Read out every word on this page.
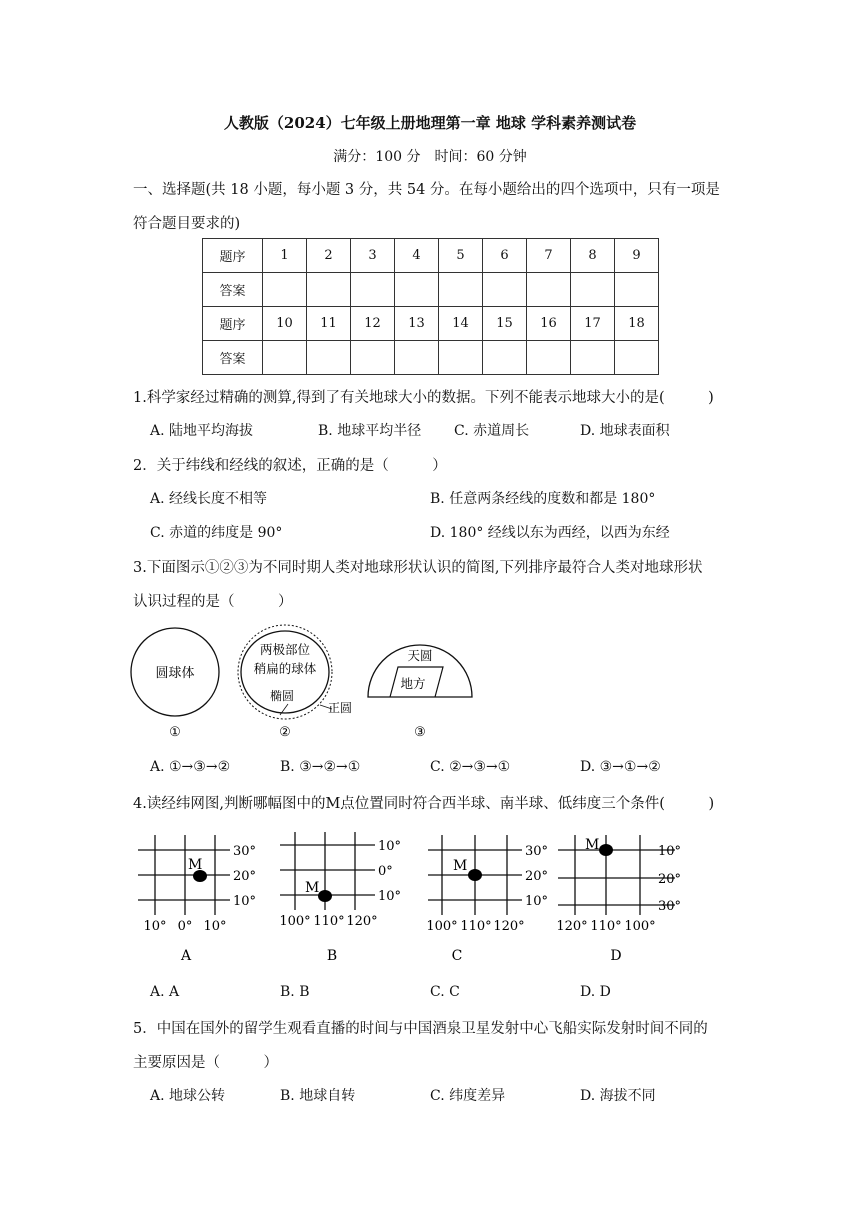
人教版（2024）七年级上册地理第一章 地球 学科素养测试卷
满分：100 分　时间：60 分钟
一、选择题(共 18 小题，每小题 3 分，共 54 分。在每小题给出的四个选项中，只有一项是
符合题目要求的)
题序	1	2	3	4	5	6	7	8	9
答案									
题序	10	11	12	13	14	15	16	17	18
答案									
1.科学家经过精确的测算,得到了有关地球大小的数据。下列不能表示地球大小的是(　　　)
A. 陆地平均海拔	B. 地球平均半径 C. 赤道周长	D. 地球表面积
2．关于纬线和经线的叙述，正确的是（　　　）
A. 经线长度不相等	B. 任意两条经线的度数和都是 180°
C. 赤道的纬度是 90°	D. 180° 经线以东为西经，以西为东经
3.下面图示①②③为不同时期人类对地球形状认识的简图,下列排序最符合人类对地球形状
认识过程的是（　　　）
圆球体
两极部位
稍扁的球体
椭圆
正圆
天圆
地方
①	②	③
A. ①→③→②	B. ③→②→①	C. ②→③→①	D. ③→①→②
4.读经纬网图,判断哪幅图中的M点位置同时符合西半球、南半球、低纬度三个条件(　　　)
M
30°
20°
10°
10° 0° 10°
A
M
10°
0°
10°
100° 110° 120°
B
M
30°
20°
10°
100° 110° 120°
C
M	10°
20°
30°
120° 110° 100°
D
A. A	B. B	C. C	D. D
5．中国在国外的留学生观看直播的时间与中国酒泉卫星发射中心飞船实际发射时间不同的
主要原因是（　　　）
A. 地球公转	B. 地球自转	C. 纬度差异	D. 海拔不同
